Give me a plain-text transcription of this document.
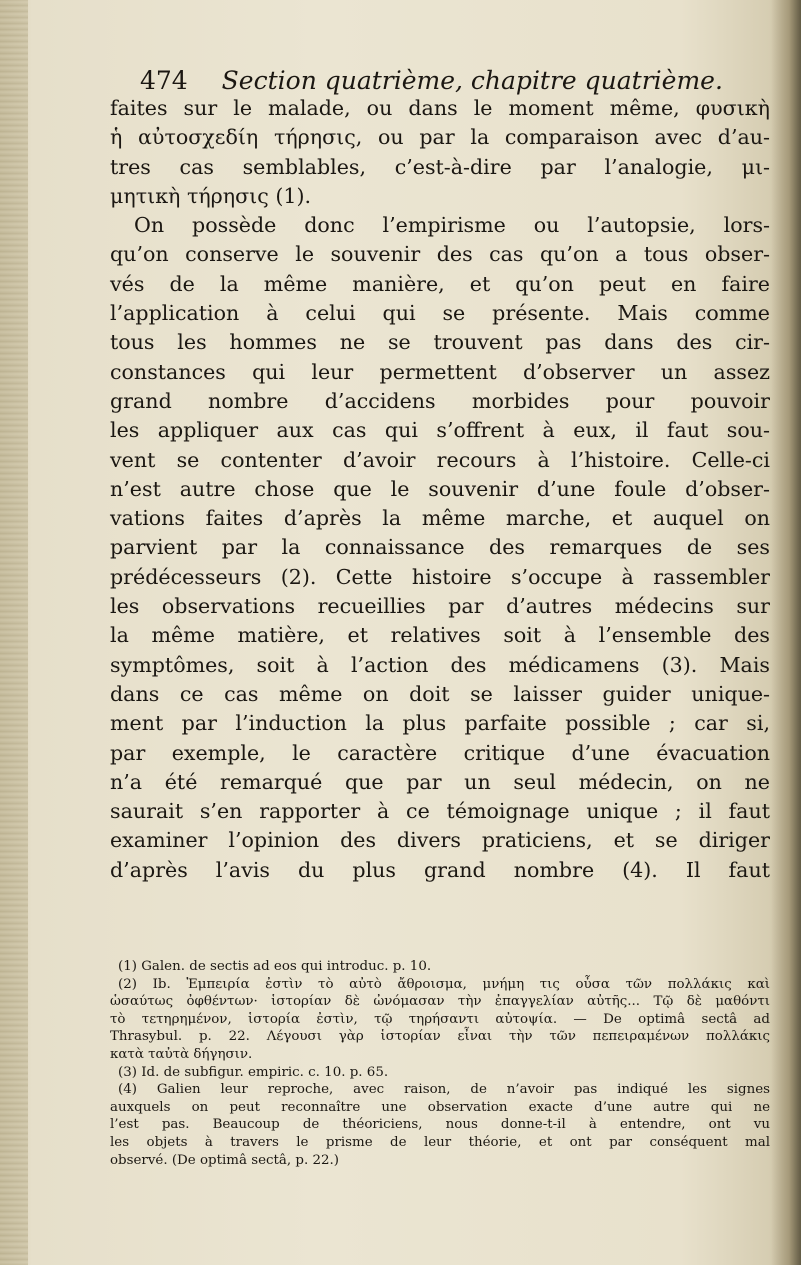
474 Section quatrième, chapitre quatrième.
faites sur le malade, ou dans le moment même, φυσικὴ
ἡ αὐτοσχεδίη τήρησις, ou par la comparaison avec d’au-
tres cas semblables, c’est-à-dire par l’analogie, μι-
μητικὴ τήρησις (1).
On possède donc l’empirisme ou l’autopsie, lors-
qu’on conserve le souvenir des cas qu’on a tous obser-
vés de la même manière, et qu’on peut en faire
l’application à celui qui se présente. Mais comme
tous les hommes ne se trouvent pas dans des cir-
constances qui leur permettent d’observer un assez
grand nombre d’accidens morbides pour pouvoir
les appliquer aux cas qui s’offrent à eux, il faut sou-
vent se contenter d’avoir recours à l’histoire. Celle-ci
n’est autre chose que le souvenir d’une foule d’obser-
vations faites d’après la même marche, et auquel on
parvient par la connaissance des remarques de ses
prédécesseurs (2). Cette histoire s’occupe à rassembler
les observations recueillies par d’autres médecins sur
la même matière, et relatives soit à l’ensemble des
symptômes, soit à l’action des médicamens (3). Mais
dans ce cas même on doit se laisser guider unique-
ment par l’induction la plus parfaite possible ; car si,
par exemple, le caractère critique d’une évacuation
n’a été remarqué que par un seul médecin, on ne
saurait s’en rapporter à ce témoignage unique ; il faut
examiner l’opinion des divers praticiens, et se diriger
d’après l’avis du plus grand nombre (4). Il faut
(1) Galen. de sectis ad eos qui introduc. p. 10.
(2) Ib. Ἐμπειρία ἐστὶν τὸ αὐτὸ ἄθροισμα, μνήμη τις οὖσα τῶν πολλάκις καὶ
ὡσαύτως ὀφθέντων· ἱστορίαν δὲ ὠνόμασαν τὴν ἐπαγγελίαν αὐτῆς... Τῷ δὲ μαθόντι
τὸ τετηρημένον, ἱστορία ἐστὶν, τῷ τηρήσαντι αὐτοψία. — De optimâ sectâ ad
Thrasybul. p. 22. Λέγουσι γὰρ ἱστορίαν εἶναι τὴν τῶν πεπειραμένων πολλάκις
κατὰ ταὐτὰ δήγησιν.
(3) Id. de subfigur. empiric. c. 10. p. 65.
(4) Galien leur reproche, avec raison, de n’avoir pas indiqué les signes
auxquels on peut reconnaître une observation exacte d’une autre qui ne
l’est pas. Beaucoup de théoriciens, nous donne-t-il à entendre, ont vu
les objets à travers le prisme de leur théorie, et ont par conséquent mal
observé. (De optimâ sectâ, p. 22.)
